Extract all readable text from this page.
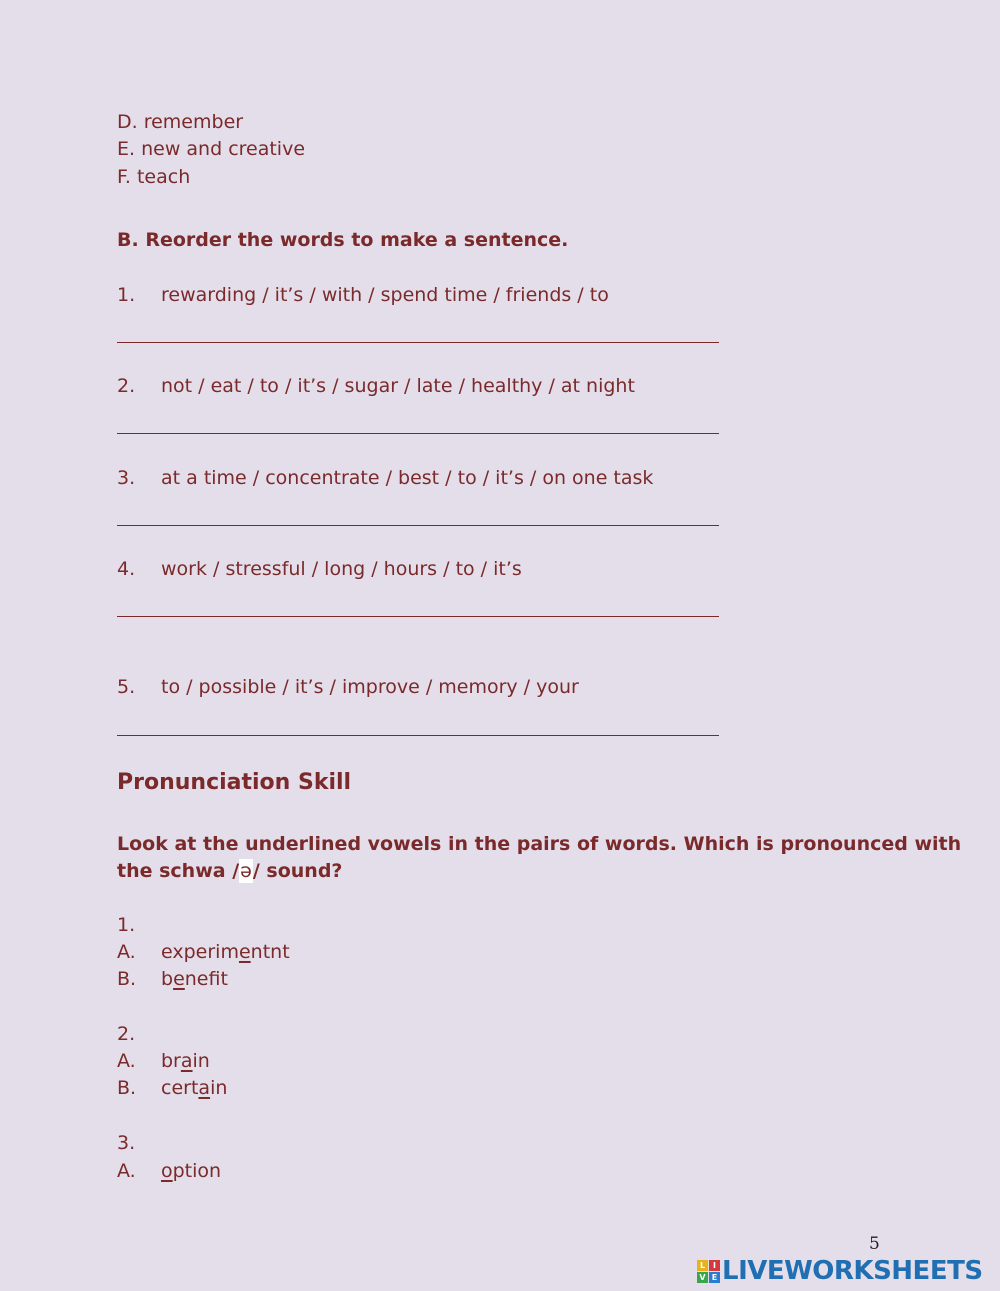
D. remember
E. new and creative
F. teach
B. Reorder the words to make a sentence.
1. rewarding / it’s / with / spend time / friends / to
2. not / eat / to / it’s / sugar / late / healthy / at night
3. at a time / concentrate / best / to / it’s / on one task
4. work / stressful / long / hours / to / it’s
5. to / possible / it’s / improve / memory / your
Pronunciation Skill
Look at the underlined vowels in the pairs of words. Which is pronounced with
the schwa /ə/ sound?
1.
A. experimentnt
B. benefit
2.
A. brain
B. certain
3.
A. option
5
L I
V E LIVEWORKSHEETS
